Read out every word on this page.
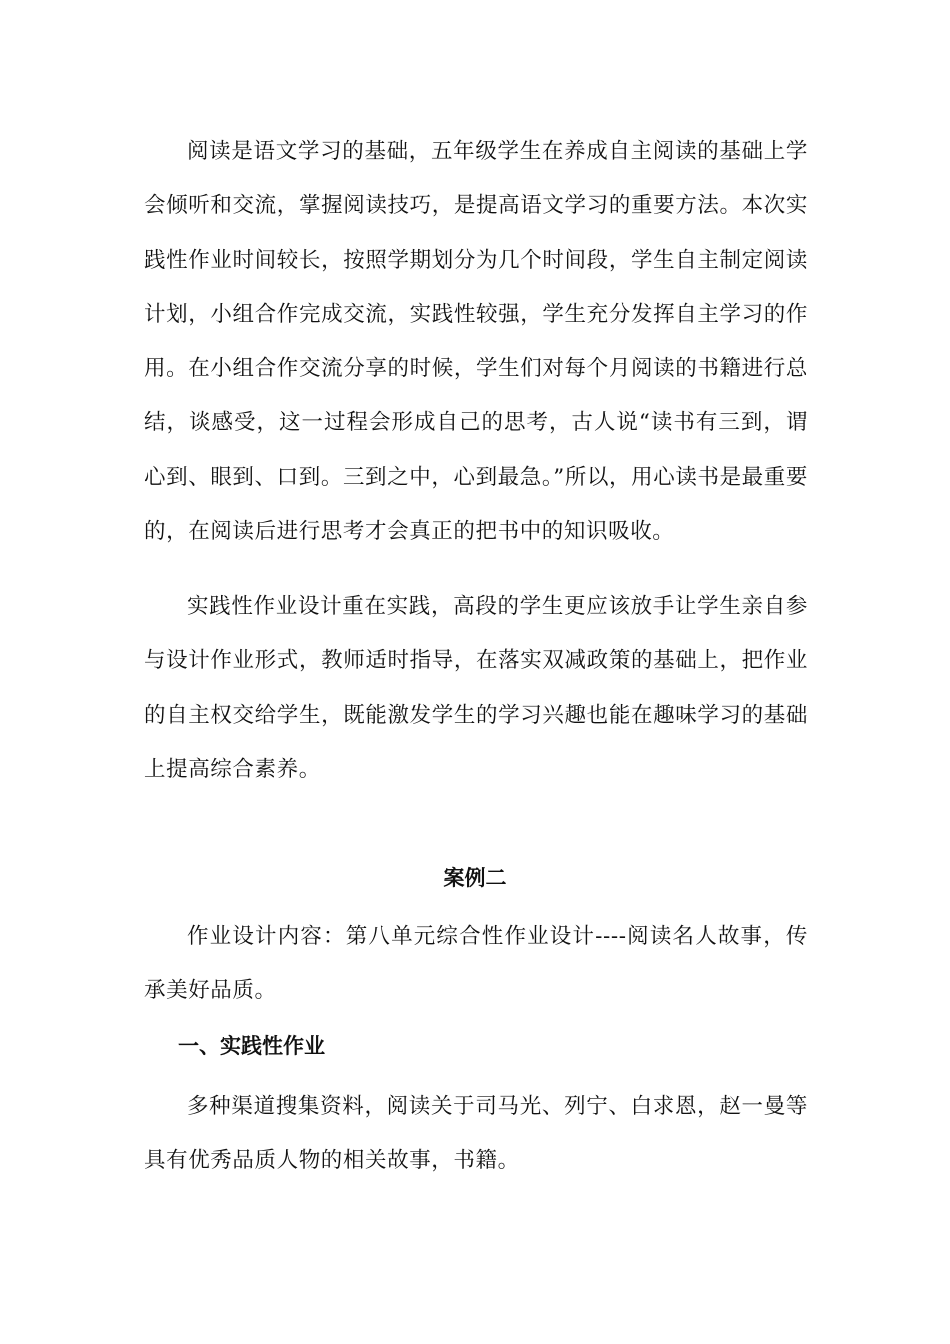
阅读是语文学习的基础，五年级学生在养成自主阅读的基础上学会倾听和交流，掌握阅读技巧，是提高语文学习的重要方法。本次实践性作业时间较长，按照学期划分为几个时间段，学生自主制定阅读计划，小组合作完成交流，实践性较强，学生充分发挥自主学习的作用。在小组合作交流分享的时候，学生们对每个月阅读的书籍进行总结，谈感受，这一过程会形成自己的思考，古人说“读书有三到，谓心到、眼到、口到。三到之中，心到最急。”所以，用心读书是最重要的，在阅读后进行思考才会真正的把书中的知识吸收。

实践性作业设计重在实践，高段的学生更应该放手让学生亲自参与设计作业形式，教师适时指导，在落实双减政策的基础上，把作业的自主权交给学生，既能激发学生的学习兴趣也能在趣味学习的基础上提高综合素养。

案例二

作业设计内容：第八单元综合性作业设计----阅读名人故事，传承美好品质。

一、实践性作业

多种渠道搜集资料，阅读关于司马光、列宁、白求恩，赵一曼等具有优秀品质人物的相关故事，书籍。
